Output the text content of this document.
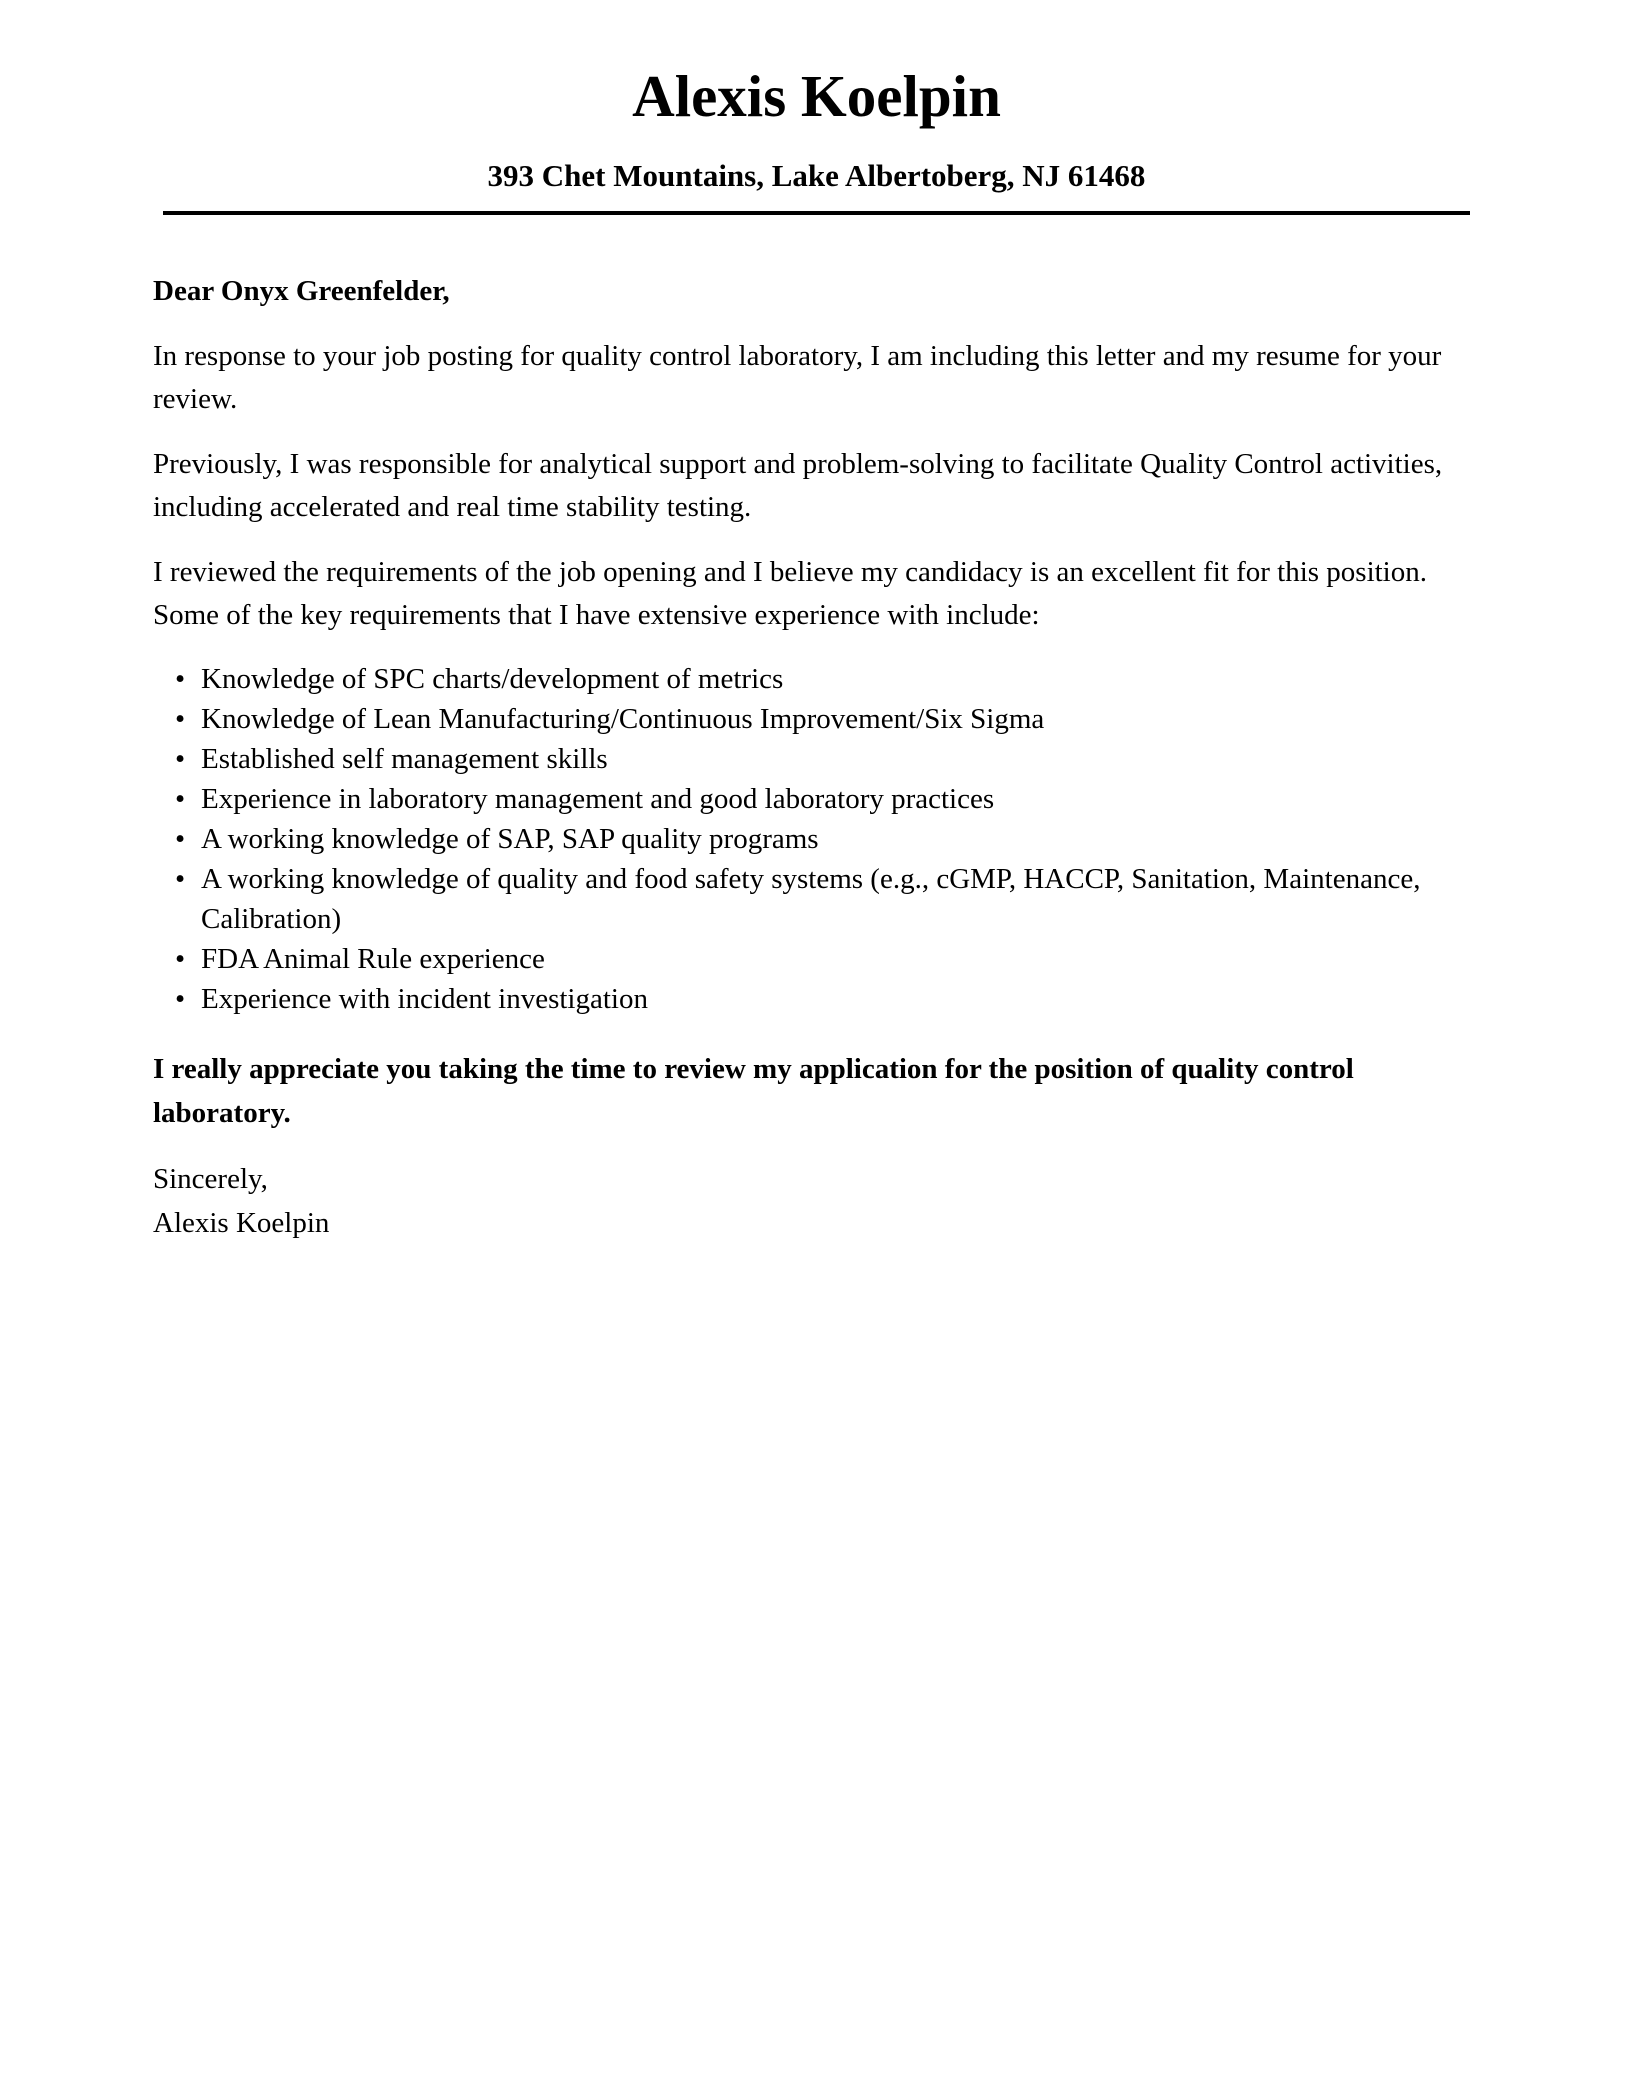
Alexis Koelpin
393 Chet Mountains, Lake Albertoberg, NJ 61468

Dear Onyx Greenfelder,

In response to your job posting for quality control laboratory, I am including this letter and my resume for your review.

Previously, I was responsible for analytical support and problem-solving to facilitate Quality Control activities, including accelerated and real time stability testing.

I reviewed the requirements of the job opening and I believe my candidacy is an excellent fit for this position. Some of the key requirements that I have extensive experience with include:

• Knowledge of SPC charts/development of metrics
• Knowledge of Lean Manufacturing/Continuous Improvement/Six Sigma
• Established self management skills
• Experience in laboratory management and good laboratory practices
• A working knowledge of SAP, SAP quality programs
• A working knowledge of quality and food safety systems (e.g., cGMP, HACCP, Sanitation, Maintenance, Calibration)
• FDA Animal Rule experience
• Experience with incident investigation

I really appreciate you taking the time to review my application for the position of quality control laboratory.

Sincerely,

Alexis Koelpin
